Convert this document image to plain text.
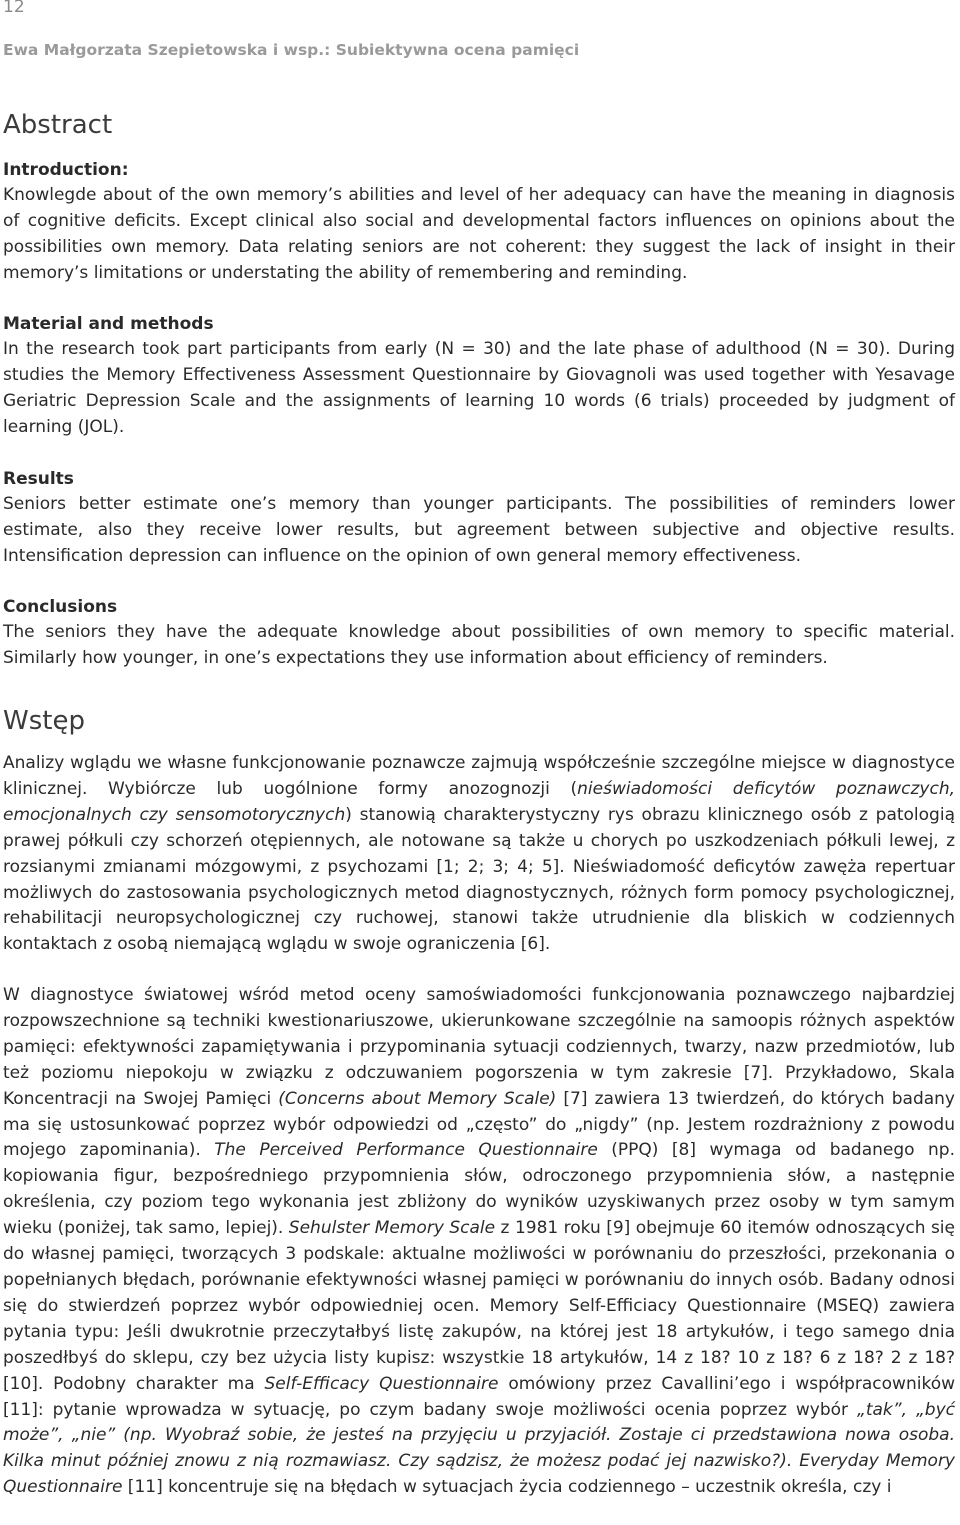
12
Ewa Małgorzata Szepietowska i wsp.: Subiektywna ocena pamięci
Abstract
Introduction:
Knowlegde about of the own memory’s abilities and level of her adequacy can have the meaning in diagnosis of cognitive deficits. Except clinical also social and developmental factors influences on opinions about the possibilities own memory. Data relating seniors are not coherent: they suggest the lack of insight in their memory’s limitations or understating the ability of remembering and reminding.
Material and methods
In the research took part participants from early (N = 30) and the late phase of adulthood (N = 30). During studies the Memory Effectiveness Assessment Questionnaire by Giovagnoli was used together with Yesavage Geriatric Depression Scale and the assignments of learning 10 words (6 trials) proceeded by judgment of learning (JOL).
Results
Seniors better estimate one’s memory than younger participants. The possibilities of reminders lower estimate, also they receive lower results, but agreement between subjective and objective results. Intensification depression can influence on the opinion of own general memory effectiveness.
Conclusions
The seniors they have the adequate knowledge about possibilities of own memory to specific material. Similarly how younger, in one’s expectations they use information about efficiency of reminders.
Wstęp
Analizy wglądu we własne funkcjonowanie poznawcze zajmują współcześnie szczególne miejsce w diagnostyce klinicznej. Wybiórcze lub uogólnione formy anozognozji (nieświadomości deficytów poznawczych, emocjonalnych czy sensomotorycznych) stanowią charakterystyczny rys obrazu klinicznego osób z patologią prawej półkuli czy schorzeń otępiennych, ale notowane są także u chorych po uszkodzeniach półkuli lewej, z rozsianymi zmianami mózgowymi, z psychozami [1; 2; 3; 4; 5]. Nieświadomość deficytów zawęża repertuar możliwych do zastosowania psychologicznych metod diagnostycznych, różnych form pomocy psychologicznej, rehabilitacji neuropsychologicznej czy ruchowej, stanowi także utrudnienie dla bliskich w codziennych kontaktach z osobą niemającą wglądu w swoje ograniczenia [6].
W diagnostyce światowej wśród metod oceny samoświadomości funkcjonowania poznawczego najbardziej rozpowszechnione są techniki kwestionariuszowe, ukierunkowane szczególnie na samoopis różnych aspektów pamięci: efektywności zapamiętywania i przypominania sytuacji codziennych, twarzy, nazw przedmiotów, lub też poziomu niepokoju w związku z odczuwaniem pogorszenia w tym zakresie [7]. Przykładowo, Skala Koncentracji na Swojej Pamięci (Concerns about Memory Scale) [7] zawiera 13 twierdzeń, do których badany ma się ustosunkować poprzez wybór odpowiedzi od „często” do „nigdy” (np. Jestem rozdrażniony z powodu mojego zapominania). The Perceived Performance Questionnaire (PPQ) [8] wymaga od badanego np. kopiowania figur, bezpośredniego przypomnienia słów, odroczonego przypomnienia słów, a następnie określenia, czy poziom tego wykonania jest zbliżony do wyników uzyskiwanych przez osoby w tym samym wieku (poniżej, tak samo, lepiej). Sehulster Memory Scale z 1981 roku [9] obejmuje 60 itemów odnoszących się do własnej pamięci, tworzących 3 podskale: aktualne możliwości w porównaniu do przeszłości, przekonania o popełnianych błędach, porównanie efektywności własnej pamięci w porównaniu do innych osób. Badany odnosi się do stwierdzeń poprzez wybór odpowiedniej ocen. Memory Self-Efficiacy Questionnaire (MSEQ) zawiera pytania typu: Jeśli dwukrotnie przeczytałbyś listę zakupów, na której jest 18 artykułów, i tego samego dnia poszedłbyś do sklepu, czy bez użycia listy kupisz: wszystkie 18 artykułów, 14 z 18? 10 z 18? 6 z 18? 2 z 18? [10]. Podobny charakter ma Self-Efficacy Questionnaire omówiony przez Cavallini’ego i współpracowników [11]: pytanie wprowadza w sytuację, po czym badany swoje możliwości ocenia poprzez wybór „tak”, „być może”, „nie” (np. Wyobraź sobie, że jesteś na przyjęciu u przyjaciół. Zostaje ci przedstawiona nowa osoba. Kilka minut później znowu z nią rozmawiasz. Czy sądzisz, że możesz podać jej nazwisko?). Everyday Memory Questionnaire [11] koncentruje się na błędach w sytuacjach życia codziennego – uczestnik określa, czy i
